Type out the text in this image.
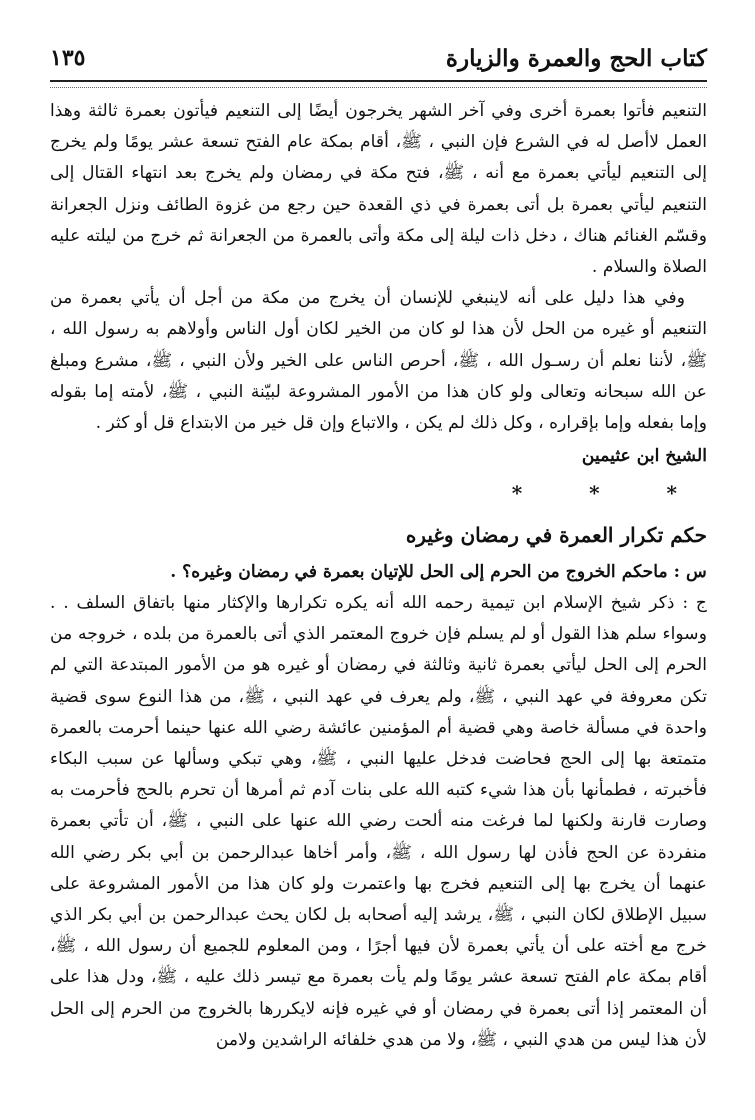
١٣٥	كتاب الحج والعمرة والزيارة

التنعيم فأتوا بعمرة أخرى وفي آخر الشهر يخرجون أيضًا إلى التنعيم فيأتون بعمرة ثالثة وهذا العمل لاأصل له في الشرع فإن النبي ، ﷺ، أقام بمكة عام الفتح تسعة عشر يومًا ولم يخرج إلى التنعيم ليأتي بعمرة مع أنه ، ﷺ، فتح مكة في رمضان ولم يخرج بعد انتهاء القتال إلى التنعيم ليأتي بعمرة بل أتى بعمرة في ذي القعدة حين رجع من غزوة الطائف ونزل الجعرانة وقسّم الغنائم هناك ، دخل ذات ليلة إلى مكة وأتى بالعمرة من الجعرانة ثم خرج من ليلته عليه الصلاة والسلام .

وفي هذا دليل على أنه لاينبغي للإنسان أن يخرج من مكة من أجل أن يأتي بعمرة من التنعيم أو غيره من الحل لأن هذا لو كان من الخير لكان أول الناس وأولاهم به رسول الله ، ﷺ، لأننا نعلم أن رسـول الله ، ﷺ، أحرص الناس على الخير ولأن النبي ، ﷺ، مشرع ومبلغ عن الله سبحانه وتعالى ولو كان هذا من الأمور المشروعة لبيّنة النبي ، ﷺ، لأمته إما بقوله وإما بفعله وإما بإقراره ، وكل ذلك لم يكن ، والاتباع وإن قل خير من الابتداع قل أو كثر .

الشيخ ابن عثيمين

* * *

حكم تكرار العمرة في رمضان وغيره

س : ماحكم الخروج من الحرم إلى الحل للإتيان بعمرة في رمضان وغيره؟ .

ج : ذكر شيخ الإسلام ابن تيمية رحمه الله أنه يكره تكرارها والإكثار منها باتفاق السلف . . وسواء سلم هذا القول أو لم يسلم فإن خروج المعتمر الذي أتى بالعمرة من بلده ، خروجه من الحرم إلى الحل ليأتي بعمرة ثانية وثالثة في رمضان أو غيره هو من الأمور المبتدعة التي لم تكن معروفة في عهد النبي ، ﷺ، ولم يعرف في عهد النبي ، ﷺ، من هذا النوع سوى قضية واحدة في مسألة خاصة وهي قضية أم المؤمنين عائشة رضي الله عنها حينما أحرمت بالعمرة متمتعة بها إلى الحج فحاضت فدخل عليها النبي ، ﷺ، وهي تبكي وسألها عن سبب البكاء فأخبرته ، فطمأنها بأن هذا شيء كتبه الله على بنات آدم ثم أمرها أن تحرم بالحج فأحرمت به وصارت قارنة ولكنها لما فرغت منه ألحت رضي الله عنها على النبي ، ﷺ، أن تأتي بعمرة منفردة عن الحج فأذن لها رسول الله ، ﷺ، وأمر أخاها عبدالرحمن بن أبي بكر رضي الله عنهما أن يخرج بها إلى التنعيم فخرج بها واعتمرت ولو كان هذا من الأمور المشروعة على سبيل الإطلاق لكان النبي ، ﷺ، يرشد إليه أصحابه بل لكان يحث عبدالرحمن بن أبي بكر الذي خرج مع أخته على أن يأتي بعمرة لأن فيها أجرًا ، ومن المعلوم للجميع أن رسول الله ، ﷺ، أقام بمكة عام الفتح تسعة عشر يومًا ولم يأت بعمرة مع تيسر ذلك عليه ، ﷺ، ودل هذا على أن المعتمر إذا أتى بعمرة في رمضان أو في غيره فإنه لايكررها بالخروج من الحرم إلى الحل لأن هذا ليس من هدي النبي ، ﷺ، ولا من هدي خلفائه الراشدين ولامن
